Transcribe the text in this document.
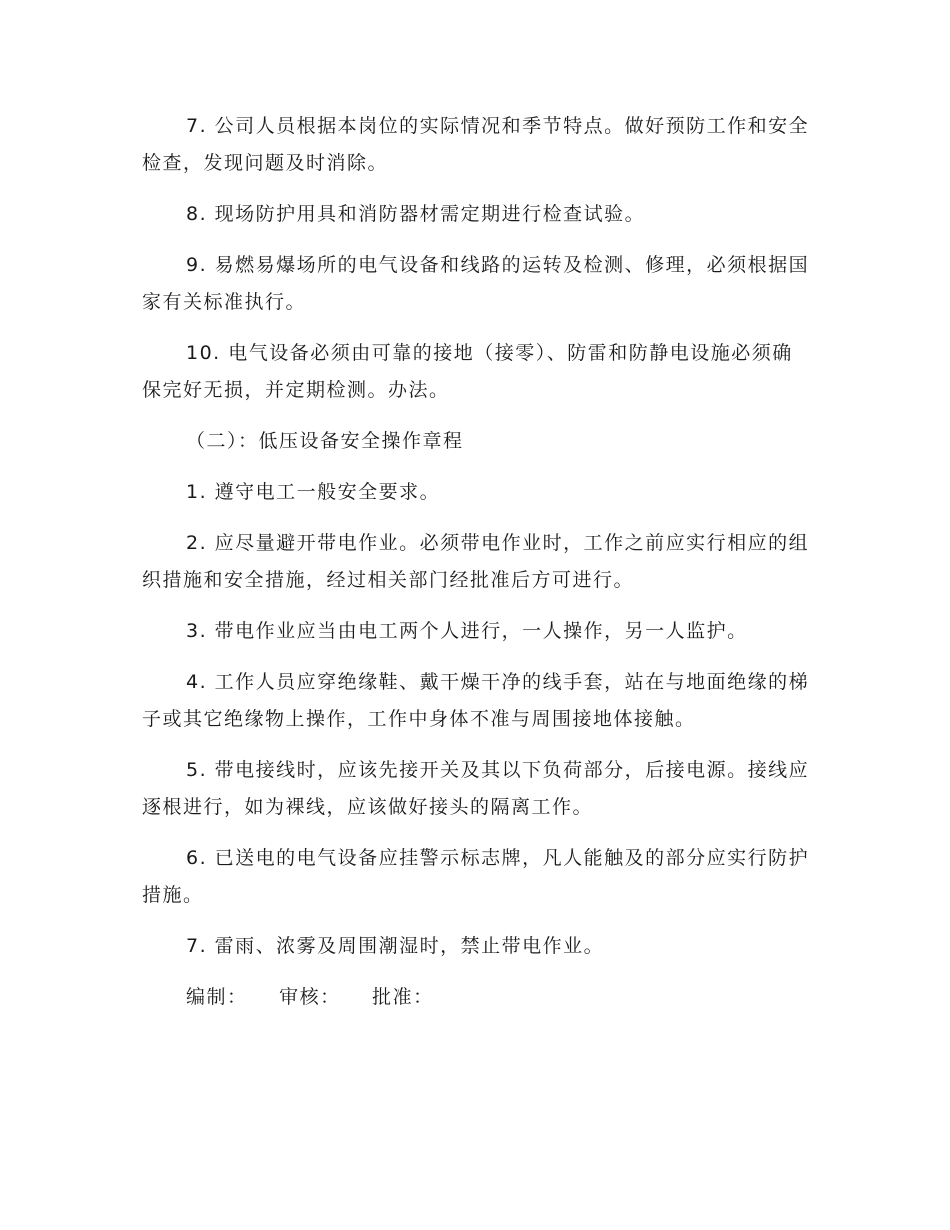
7. 公司人员根据本岗位的实际情况和季节特点。做好预防工作和安全检查，发现问题及时消除。

8. 现场防护用具和消防器材需定期进行检查试验。

9. 易燃易爆场所的电气设备和线路的运转及检测、修理，必须根据国家有关标准执行。

10. 电气设备必须由可靠的接地（接零）、防雷和防静电设施必须确保完好无损，并定期检测。办法。

（二）：低压设备安全操作章程

1. 遵守电工一般安全要求。

2. 应尽量避开带电作业。必须带电作业时，工作之前应实行相应的组织措施和安全措施，经过相关部门经批准后方可进行。

3. 带电作业应当由电工两个人进行，一人操作，另一人监护。

4. 工作人员应穿绝缘鞋、戴干燥干净的线手套，站在与地面绝缘的梯子或其它绝缘物上操作，工作中身体不准与周围接地体接触。

5. 带电接线时，应该先接开关及其以下负荷部分，后接电源。接线应逐根进行，如为裸线，应该做好接头的隔离工作。

6. 已送电的电气设备应挂警示标志牌，凡人能触及的部分应实行防护措施。

7. 雷雨、浓雾及周围潮湿时，禁止带电作业。

编制： 审核： 批准：
